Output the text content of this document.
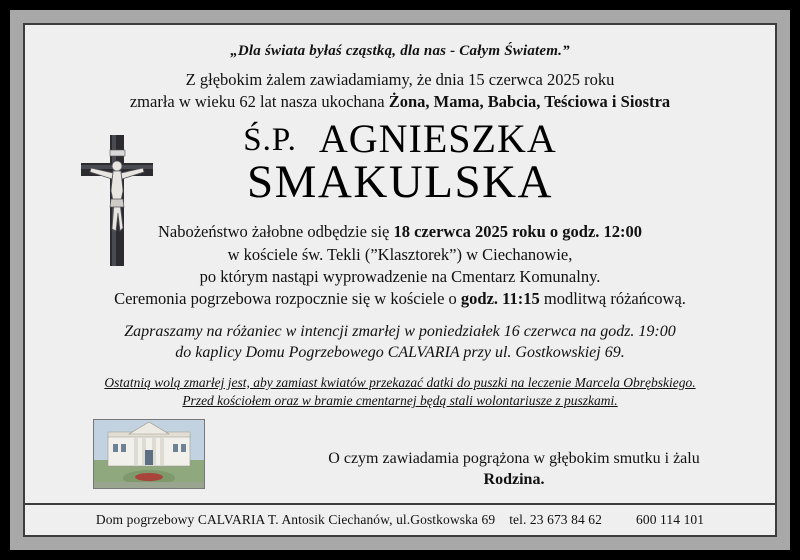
„Dla świata byłaś cząstką, dla nas - Całym Światem.”
Z głębokim żalem zawiadamiamy, że dnia 15 czerwca 2025 roku
zmarła w wieku 62 lat nasza ukochana Żona, Mama, Babcia, Teściowa i Siostra
Ś.P. AGNIESZKA
SMAKULSKA
Nabożeństwo żałobne odbędzie się 18 czerwca 2025 roku o godz. 12:00
w kościele św. Tekli (”Klasztorek”) w Ciechanowie,
po którym nastąpi wyprowadzenie na Cmentarz Komunalny.
Ceremonia pogrzebowa rozpocznie się w kościele o godz. 11:15 modlitwą różańcową.
Zapraszamy na różaniec w intencji zmarłej w poniedziałek 16 czerwca na godz. 19:00
do kaplicy Domu Pogrzebowego CALVARIA przy ul. Gostkowskiej 69.
Ostatnią wolą zmarłej jest, aby zamiast kwiatów przekazać datki do puszki na leczenie Marcela Obrębskiego.
Przed kościołem oraz w bramie cmentarnej będą stali wolontariusze z puszkami.
O czym zawiadamia pogrążona w głębokim smutku i żalu
Rodzina.
Dom pogrzebowy CALVARIA T. Antosik Ciechanów, ul.Gostkowska 69 tel. 23 673 84 62	600 114 101
